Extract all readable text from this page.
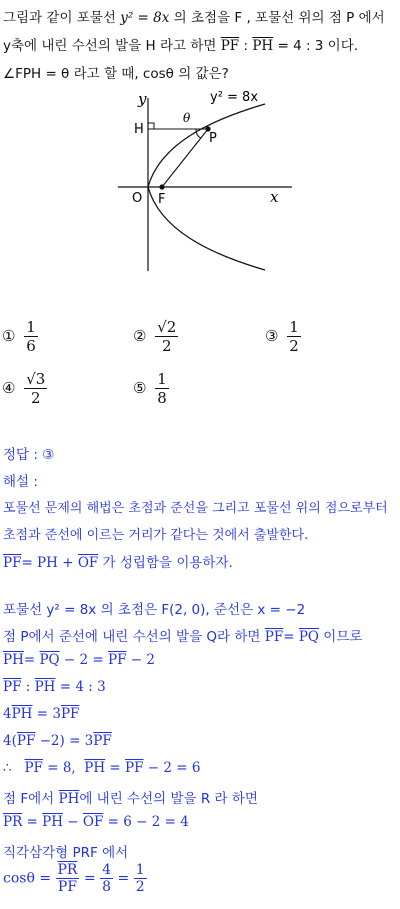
그림과 같이 포물선 y² = 8x 의 초점을 F , 포물선 위의 점 P 에서
y축에 내린 수선의 발을 H 라고 하면 $\overline{PF}$ : $\overline{PH} = 4$ : 3 이다.
∠FPH = θ 라고 할 때, cosθ 의 값은?
y² = 8x
y
x
O
H
P
F
θ
① $\frac{1}{6}$	② $\frac{√2}{2}$	③ $\frac{1}{2}$
④ $\frac{√3}{2}$	⑤ $\frac{1}{8}$
정답 : ③
해설 :
포물선 문제의 해법은 초점과 준선을 그리고 포물선 위의 점으로부터
초점과 준선에 이르는 거리가 같다는 것에서 출발한다.
$\overline{PF}=$ PH + $\overline{OF}$ 가 성립함을 이용하자.
포물선 y² = 8x 의 초점은 F(2, 0), 준선은 x = −2
점 P에서 준선에 내린 수선의 발을 Q라 하면 $\overline{PF}= \overline{PQ}$ 이므로
$\overline{PH}= \overline{PQ} - 2 = \overline{PF} - 2$
$\overline{PF}$ : $\overline{PH} = 4$ : 3
$4\overline{PH} = 3\overline{PF}$
$4(\overline{PF} -2) = 3\overline{PF}$
∴   $\overline{PF} = 8$,  $\overline{PH} = \overline{PF} - 2 = 6$
점 F에서 $\overline{PH}$에 내린 수선의 발을 R 라 하면
$\overline{PR} = \overline{PH} - \overline{OF} = 6 - 2 = 4$
직각삼각형 PRF 에서
$\cos\theta = \frac{\overline{PR}}{PF} = \frac{4}{8} = \frac{1}{2}$
